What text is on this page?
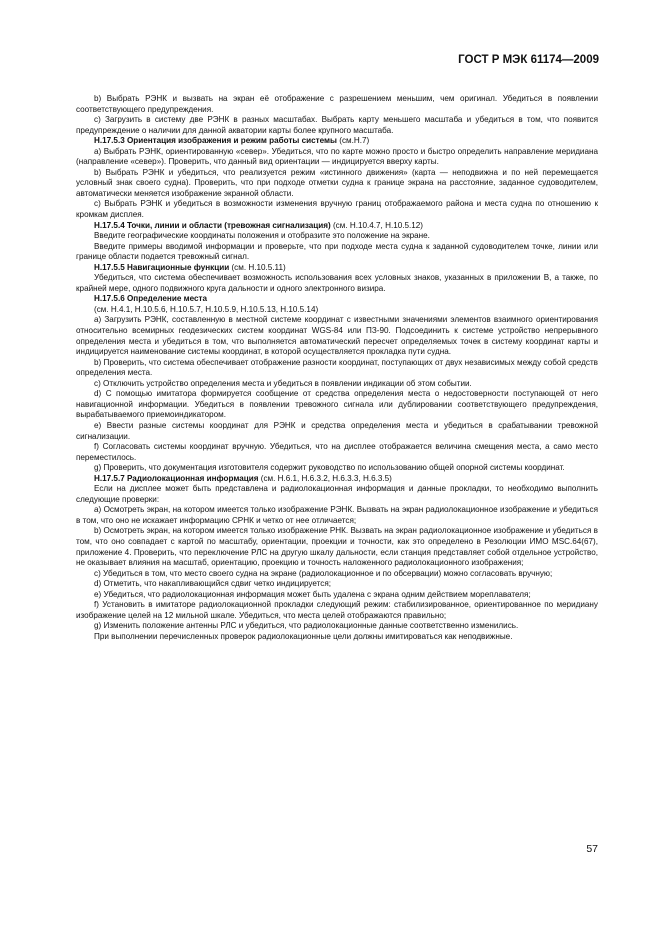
ГОСТ Р МЭК 61174—2009

b) Выбрать РЭНК и вызвать на экран её отображение с разрешением меньшим, чем оригинал. Убедиться в появлении соответствующего предупреждения.

c) Загрузить в систему две РЭНК в разных масштабах. Выбрать карту меньшего масштаба и убедиться в том, что появится предупреждение о наличии для данной акватории карты более крупного масштаба.

H.17.5.3 Ориентация изображения и режим работы системы (см.Н.7)

a) Выбрать РЭНК, ориентированную «север». Убедиться, что по карте можно просто и быстро определить направление меридиана (направление «север»). Проверить, что данный вид ориентации — индицируется вверху карты.

b) Выбрать РЭНК и убедиться, что реализуется режим «истинного движения» (карта — неподвижна и по ней перемещается условный знак своего судна). Проверить, что при подходе отметки судна к границе экрана на расстояние, заданное судоводителем, автоматически меняется изображение экранной области.

c) Выбрать РЭНК и убедиться в возможности изменения вручную границ отображаемого района и места судна по отношению к кромкам дисплея.

H.17.5.4 Точки, линии и области (тревожная сигнализация) (см. H.10.4.7, H.10.5.12)

Введите географические координаты положения и отобразите это положение на экране.

Введите примеры вводимой информации и проверьте, что при подходе места судна к заданной судоводителем точке, линии или границе области подается тревожный сигнал.

H.17.5.5 Навигационные функции (см. H.10.5.11)

Убедиться, что система обеспечивает возможность использования всех условных знаков, указанных в приложении B, а также, по крайней мере, одного подвижного круга дальности и одного электронного визира.

H.17.5.6 Определение места

(см. H.4.1, H.10.5.6, H.10.5.7, H.10.5.9, H.10.5.13, H.10.5.14)

a) Загрузить РЭНК, составленную в местной системе координат с известными значениями элементов взаимного ориентирования относительно всемирных геодезических систем координат WGS-84 или ПЗ-90. Подсоединить к системе устройство непрерывного определения места и убедиться в том, что выполняется автоматический пересчет определяемых точек в систему координат карты и индицируется наименование системы координат, в которой осуществляется прокладка пути судна.

b) Проверить, что система обеспечивает отображение разности координат, поступающих от двух независимых между собой средств определения места.

c) Отключить устройство определения места и убедиться в появлении индикации об этом событии.

d) С помощью имитатора формируется сообщение от средства определения места о недостоверности поступающей от него навигационной информации. Убедиться в появлении тревожного сигнала или дублировании соответствующего предупреждения, вырабатываемого приемоиндикатором.

e) Ввести разные системы координат для РЭНК и средства определения места и убедиться в срабатывании тревожной сигнализации.

f) Согласовать системы координат вручную. Убедиться, что на дисплее отображается величина смещения места, а само место переместилось.

g) Проверить, что документация изготовителя содержит руководство по использованию общей опорной системы координат.

H.17.5.7 Радиолокационная информация (см. H.6.1, H.6.3.2, H.6.3.3, H.6.3.5)

Если на дисплее может быть представлена и радиолокационная информация и данные прокладки, то необходимо выполнить следующие проверки:

a) Осмотреть экран, на котором имеется только изображение РЭНК. Вызвать на экран радиолокационное изображение и убедиться в том, что оно не искажает информацию СРНК и четко от нее отличается;

b) Осмотреть экран, на котором имеется только изображение РНК. Вызвать на экран радиолокационное изображение и убедиться в том, что оно совпадает с картой по масштабу, ориентации, проекции и точности, как это определено в Резолюции ИМО MSC.64(67), приложение 4. Проверить, что переключение РЛС на другую шкалу дальности, если станция представляет собой отдельное устройство, не оказывает влияния на масштаб, ориентацию, проекцию и точность наложенного радиолокационного изображения;

c) Убедиться в том, что место своего судна на экране (радиолокационное и по обсервации) можно согласовать вручную;

d) Отметить, что накапливающийся сдвиг четко индицируется;

e) Убедиться, что радиолокационная информация может быть удалена с экрана одним действием мореплавателя;

f) Установить в имитаторе радиолокационной прокладки следующий режим: стабилизированное, ориентированное по меридиану изображение целей на 12 мильной шкале. Убедиться, что места целей отображаются правильно;

g) Изменить положение антенны РЛС и убедиться, что радиолокационные данные соответственно изменились.

При выполнении перечисленных проверок радиолокационные цели должны имитироваться как неподвижные.

57
